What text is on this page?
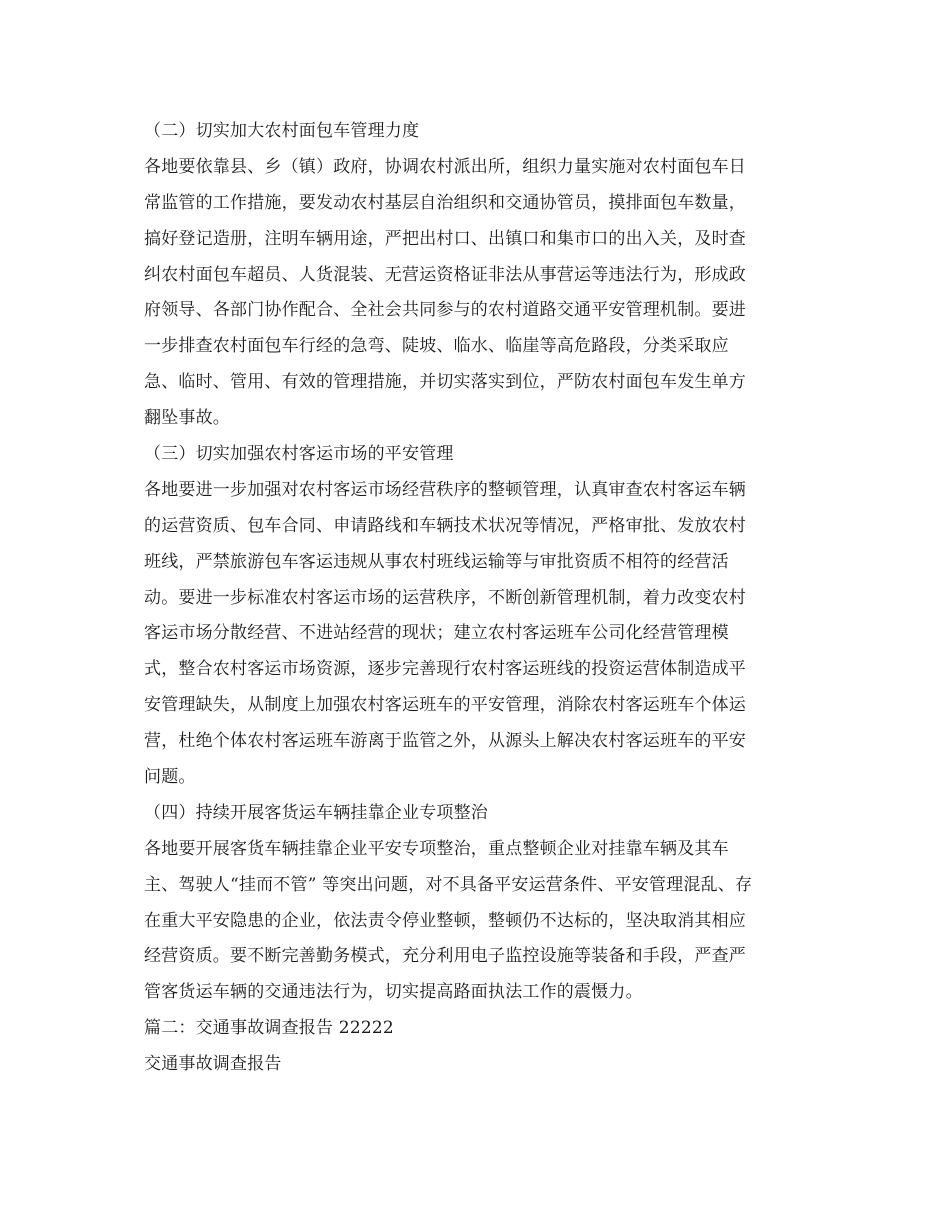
（二）切实加大农村面包车管理力度
各地要依靠县、乡（镇）政府，协调农村派出所，组织力量实施对农村面包车日
常监管的工作措施，要发动农村基层自治组织和交通协管员，摸排面包车数量，
搞好登记造册，注明车辆用途，严把出村口、出镇口和集市口的出入关，及时查
纠农村面包车超员、人货混装、无营运资格证非法从事营运等违法行为，形成政
府领导、各部门协作配合、全社会共同参与的农村道路交通平安管理机制。要进
一步排查农村面包车行经的急弯、陡坡、临水、临崖等高危路段，分类采取应
急、临时、管用、有效的管理措施，并切实落实到位，严防农村面包车发生单方
翻坠事故。
（三）切实加强农村客运市场的平安管理
各地要进一步加强对农村客运市场经营秩序的整顿管理，认真审查农村客运车辆
的运营资质、包车合同、申请路线和车辆技术状况等情况，严格审批、发放农村
班线，严禁旅游包车客运违规从事农村班线运输等与审批资质不相符的经营活
动。要进一步标准农村客运市场的运营秩序，不断创新管理机制，着力改变农村
客运市场分散经营、不进站经营的现状；建立农村客运班车公司化经营管理模
式，整合农村客运市场资源，逐步完善现行农村客运班线的投资运营体制造成平
安管理缺失，从制度上加强农村客运班车的平安管理，消除农村客运班车个体运
营，杜绝个体农村客运班车游离于监管之外，从源头上解决农村客运班车的平安
问题。
（四）持续开展客货运车辆挂靠企业专项整治
各地要开展客货车辆挂靠企业平安专项整治，重点整顿企业对挂靠车辆及其车
主、驾驶人“挂而不管” 等突出问题，对不具备平安运营条件、平安管理混乱、存
在重大平安隐患的企业，依法责令停业整顿，整顿仍不达标的，坚决取消其相应
经营资质。要不断完善勤务模式，充分利用电子监控设施等装备和手段，严查严
管客货运车辆的交通违法行为，切实提高路面执法工作的震慑力。
篇二：交通事故调查报告 22222
交通事故调查报告
